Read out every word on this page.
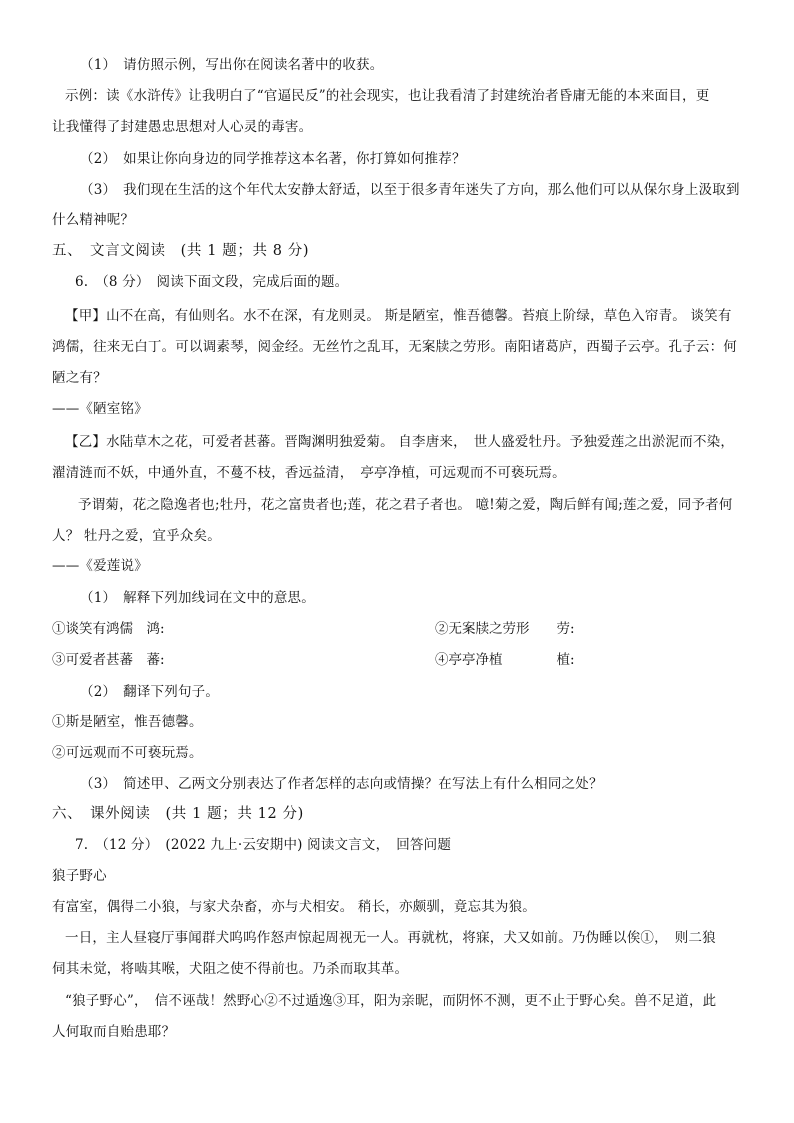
（1）　请仿照示例，写出你在阅读名著中的收获。
示例：读《水浒传》让我明白了“官逼民反”的社会现实，也让我看清了封建统治者昏庸无能的本来面目，更
让我懂得了封建愚忠思想对人心灵的毒害。
（2）　如果让你向身边的同学推荐这本名著，你打算如何推荐？
（3）　我们现在生活的这个年代太安静太舒适，以至于很多青年迷失了方向，那么他们可以从保尔身上汲取到
什么精神呢？
五、　文言文阅读　(共 1 题；共 8 分)
6.　（8 分）　阅读下面文段，完成后面的题。
【甲】山不在高，有仙则名。水不在深，有龙则灵。 斯是陋室，惟吾德馨。苔痕上阶绿，草色入帘青。 谈笑有
鸿儒，往来无白丁。可以调素琴，阅金经。无丝竹之乱耳，无案牍之劳形。南阳诸葛庐，西蜀子云亭。孔子云：何
陋之有？
——《陋室铭》
【乙】水陆草木之花，可爱者甚蕃。晋陶渊明独爱菊。 自李唐来，　世人盛爱牡丹。予独爱莲之出淤泥而不染，
濯清涟而不妖，中通外直，不蔓不枝，香远益清，　亭亭净植，可远观而不可亵玩焉。
予谓菊，花之隐逸者也;牡丹，花之富贵者也;莲，花之君子者也。 噫!菊之爱，陶后鲜有闻;莲之爱，同予者何
人？ 牡丹之爱，宜乎众矣。
——《爱莲说》
（1）　解释下列加线词在文中的意思。
①谈笑有鸿儒　鸿:	②无案牍之劳形　　劳:
③可爱者甚蕃　蕃:	④亭亭净植　　　　植:
（2）　翻译下列句子。
①斯是陋室，惟吾德馨。
②可远观而不可亵玩焉。
（3）　简述甲、乙两文分别表达了作者怎样的志向或情操？在写法上有什么相同之处？
六、　课外阅读　(共 1 题；共 12 分)
7.　（12 分）　(2022 九上·云安期中) 阅读文言文，　回答问题
狼子野心
有富室，偶得二小狼，与家犬杂畜，亦与犬相安。 稍长，亦颇驯，竟忘其为狼。
一日，主人昼寝厅事闻群犬呜呜作怒声惊起周视无一人。再就枕，将寐，犬又如前。乃伪睡以俟①，　则二狼
伺其未觉，将啮其喉，犬阻之使不得前也。乃杀而取其革。
“狼子野心”，　信不诬哉！然野心②不过遁逸③耳，阳为亲昵，而阴怀不测，更不止于野心矣。兽不足道，此
人何取而自贻患耶？
